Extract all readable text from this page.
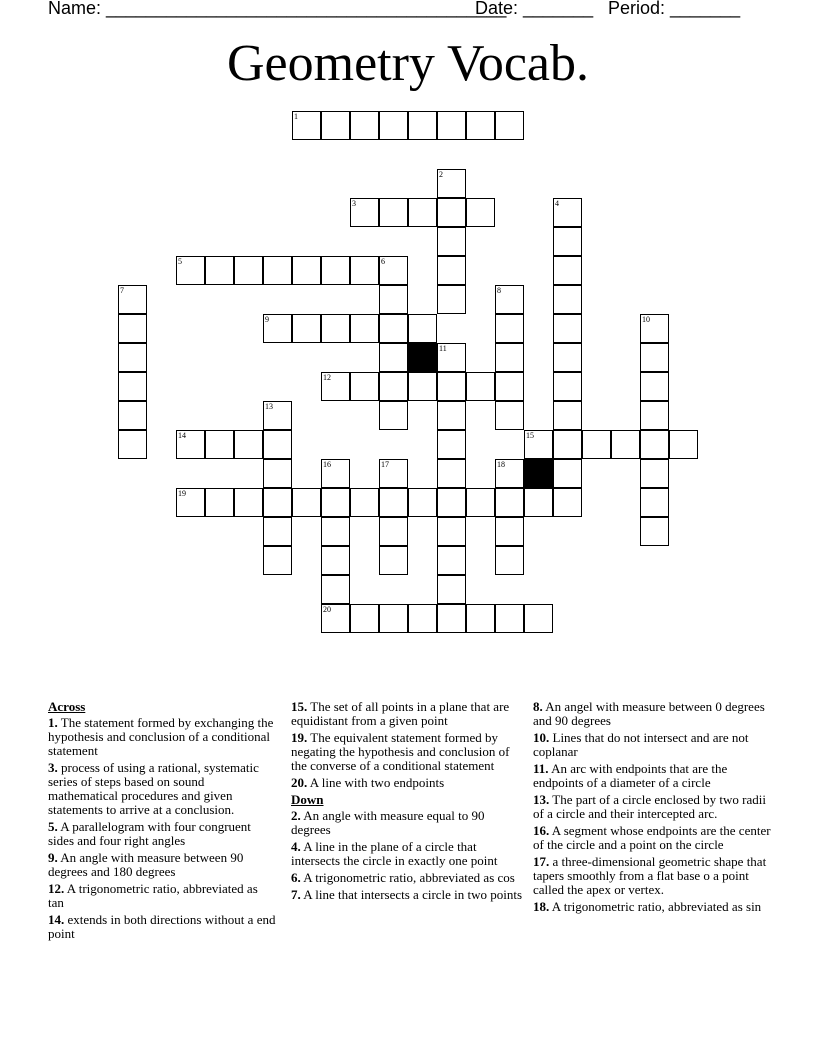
Name: ________________________________________
Date: _______ Period: _______
Geometry Vocab.
1
2
3	4
5	6
7	8
9	10
11
12
13
14	15
16	17	18
19
20
Across
1. The statement formed by exchanging the hypothesis and conclusion of a conditional statement
3. process of using a rational, systematic series of steps based on sound mathematical procedures and given statements to arrive at a conclusion.
5. A parallelogram with four congruent sides and four right angles
9. An angle with measure between 90 degrees and 180 degrees
12. A trigonometric ratio, abbreviated as tan
14. extends in both directions without a end point
15. The set of all points in a plane that are equidistant from a given point
19. The equivalent statement formed by negating the hypothesis and conclusion of the converse of a conditional statement
20. A line with two endpoints
Down
2. An angle with measure equal to 90 degrees
4. A line in the plane of a circle that intersects the circle in exactly one point
6. A trigonometric ratio, abbreviated as cos
7. A line that intersects a circle in two points
8. An angel with measure between 0 degrees and 90 degrees
10. Lines that do not intersect and are not coplanar
11. An arc with endpoints that are the endpoints of a diameter of a circle
13. The part of a circle enclosed by two radii of a circle and their intercepted arc.
16. A segment whose endpoints are the center of the circle and a point on the circle
17. a three-dimensional geometric shape that tapers smoothly from a flat base o a point called the apex or vertex.
18. A trigonometric ratio, abbreviated as sin
